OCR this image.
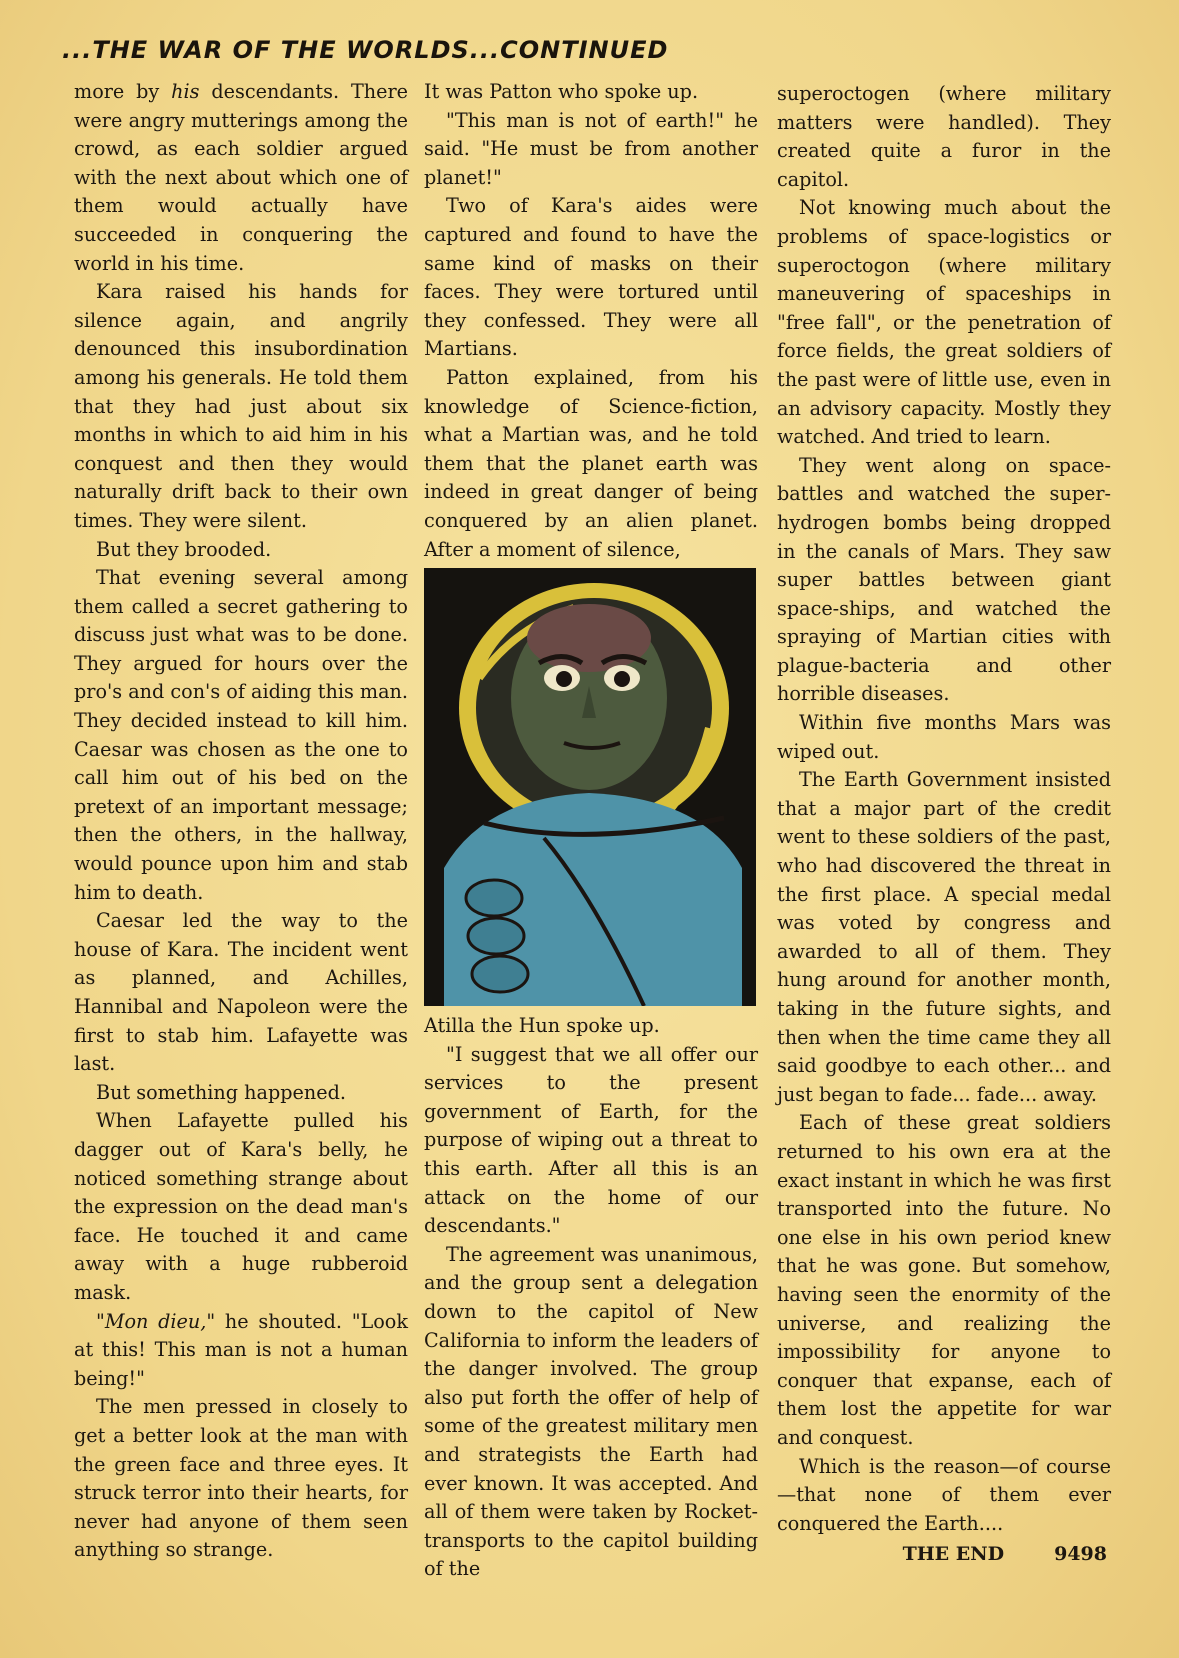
...THE WAR OF THE WORLDS...CONTINUED

more by his descendants. There were angry mutterings among the crowd, as each soldier argued with the next about which one of them would actually have succeeded in conquering the world in his time.

Kara raised his hands for silence again, and angrily denounced this insubordination among his generals. He told them that they had just about six months in which to aid him in his conquest and then they would naturally drift back to their own times. They were silent.

But they brooded.

That evening several among them called a secret gathering to discuss just what was to be done. They argued for hours over the pro's and con's of aiding this man. They decided instead to kill him. Caesar was chosen as the one to call him out of his bed on the pretext of an important message; then the others, in the hallway, would pounce upon him and stab him to death.

Caesar led the way to the house of Kara. The incident went as planned, and Achilles, Hannibal and Napoleon were the first to stab him. Lafayette was last.

But something happened.

When Lafayette pulled his dagger out of Kara's belly, he noticed something strange about the expression on the dead man's face. He touched it and came away with a huge rubberoid mask.

"Mon dieu," he shouted. "Look at this! This man is not a human being!"

The men pressed in closely to get a better look at the man with the green face and three eyes. It struck terror into their hearts, for never had anyone of them seen anything so strange.

It was Patton who spoke up.

"This man is not of earth!" he said. "He must be from another planet!"

Two of Kara's aides were captured and found to have the same kind of masks on their faces. They were tortured until they confessed. They were all Martians.

Patton explained, from his knowledge of Science-fiction, what a Martian was, and he told them that the planet earth was indeed in great danger of being conquered by an alien planet. After a moment of silence,

Atilla the Hun spoke up.

"I suggest that we all offer our services to the present government of Earth, for the purpose of wiping out a threat to this earth. After all this is an attack on the home of our descendants."

The agreement was unanimous, and the group sent a delegation down to the capitol of New California to inform the leaders of the danger involved. The group also put forth the offer of help of some of the greatest military men and strategists the Earth had ever known. It was accepted. And all of them were taken by Rocket-transports to the capitol building of the

superoctogen (where military matters were handled). They created quite a furor in the capitol.

Not knowing much about the problems of space-logistics or superoctogon (where military maneuvering of spaceships in "free fall", or the penetration of force fields, the great soldiers of the past were of little use, even in an advisory capacity. Mostly they watched. And tried to learn.

They went along on space-battles and watched the super-hydrogen bombs being dropped in the canals of Mars. They saw super battles between giant space-ships, and watched the spraying of Martian cities with plague-bacteria and other horrible diseases.

Within five months Mars was wiped out.

The Earth Government insisted that a major part of the credit went to these soldiers of the past, who had discovered the threat in the first place. A special medal was voted by congress and awarded to all of them. They hung around for another month, taking in the future sights, and then when the time came they all said goodbye to each other... and just began to fade... fade... away.

Each of these great soldiers returned to his own era at the exact instant in which he was first transported into the future. No one else in his own period knew that he was gone. But somehow, having seen the enormity of the universe, and realizing the impossibility for anyone to conquer that expanse, each of them lost the appetite for war and conquest.

Which is the reason—of course—that none of them ever conquered the Earth....

THE END	9498
